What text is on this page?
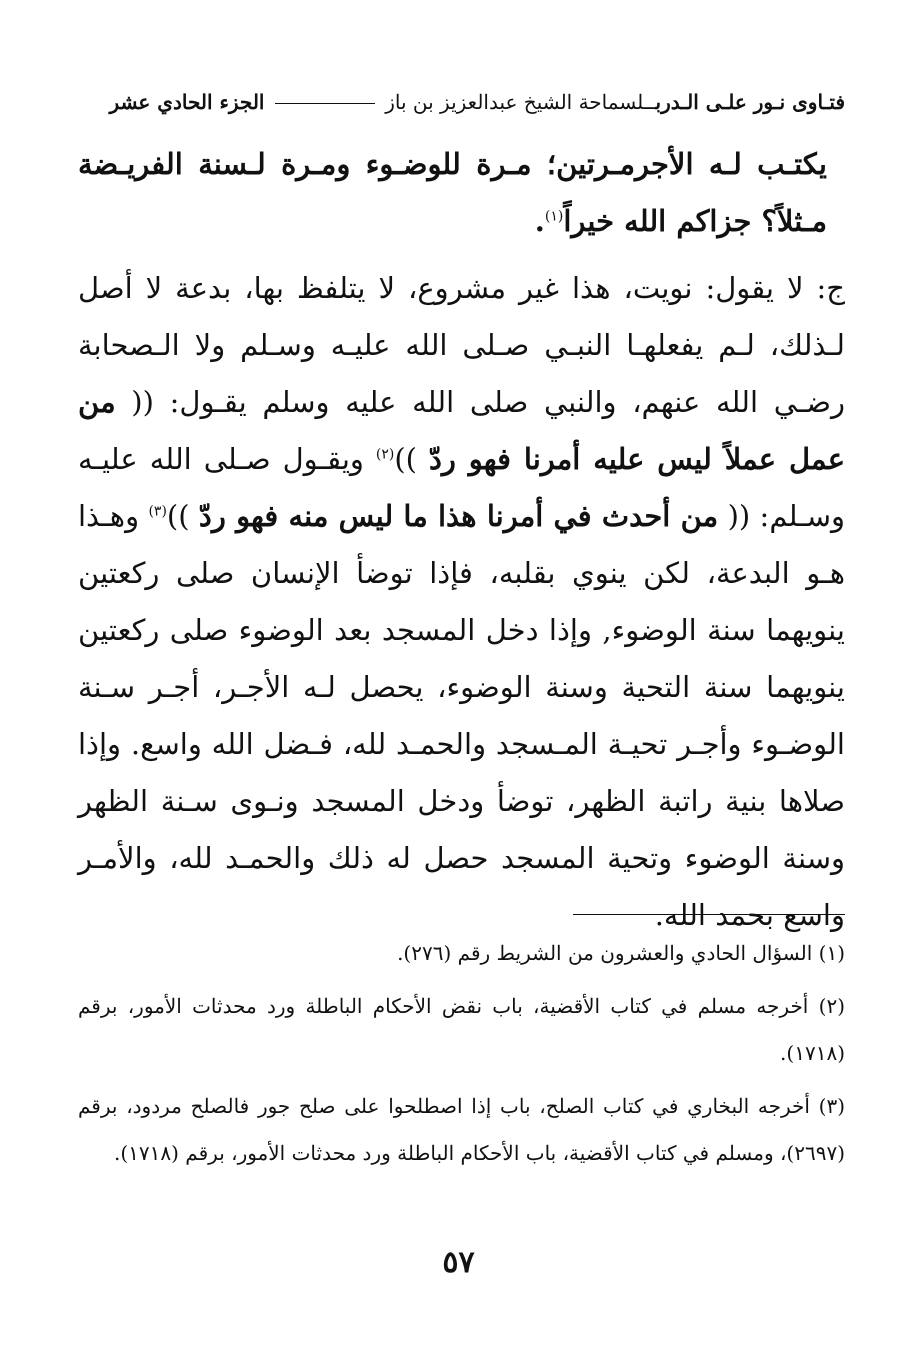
فتـاوى نـور علـى الـدربــلسماحة الشيخ عبدالعزيز بن باز  الجزء الحادي عشر

يكتـب لـه الأجرمـرتين؛ مـرة للوضـوء ومـرة لـسنة الفريـضة مـثلاً؟ جزاكم الله خيراً$^{(١)}$.

ج: لا يقول: نويت، هذا غير مشروع، لا يتلفظ بها، بدعة لا أصل لـذلك، لـم يفعلهـا النبـي صـلى الله عليـه وسـلم ولا الـصحابة رضـي الله عنهم، والنبي صلى الله عليه وسلم يقـول: (( من عمل عملاً ليس عليه أمرنا فهو ردّ ))$^{(٢)}$ ويقـول صـلى الله عليـه وسـلم: (( من أحدث في أمرنا هذا ما ليس منه فهو ردّ ))$^{(٣)}$ وهـذا هـو البدعة، لكن ينوي بقلبه، فإذا توضأ الإنسان صلى ركعتين ينويهما سنة الوضوء, وإذا دخل المسجد بعد الوضوء صلى ركعتين ينويهما سنة التحية وسنة الوضوء، يحصل لـه الأجـر، أجـر سـنة الوضـوء وأجـر تحيـة المـسجد والحمـد لله، فـضل الله واسع. وإذا صلاها بنية راتبة الظهر، توضأ ودخل المسجد ونـوى سـنة الظهر وسنة الوضوء وتحية المسجد حصل له ذلك والحمـد لله، والأمـر واسع بحمد الله.

(١) السؤال الحادي والعشرون من الشريط رقم (٢٧٦).

(٢) أخرجه مسلم في كتاب الأقضية، باب نقض الأحكام الباطلة ورد محدثات الأمور، برقم (١٧١٨).

(٣) أخرجه البخاري في كتاب الصلح، باب إذا اصطلحوا على صلح جور فالصلح مردود، برقم (٢٦٩٧)، ومسلم في كتاب الأقضية، باب الأحكام الباطلة ورد محدثات الأمور، برقم (١٧١٨).

٥٧
